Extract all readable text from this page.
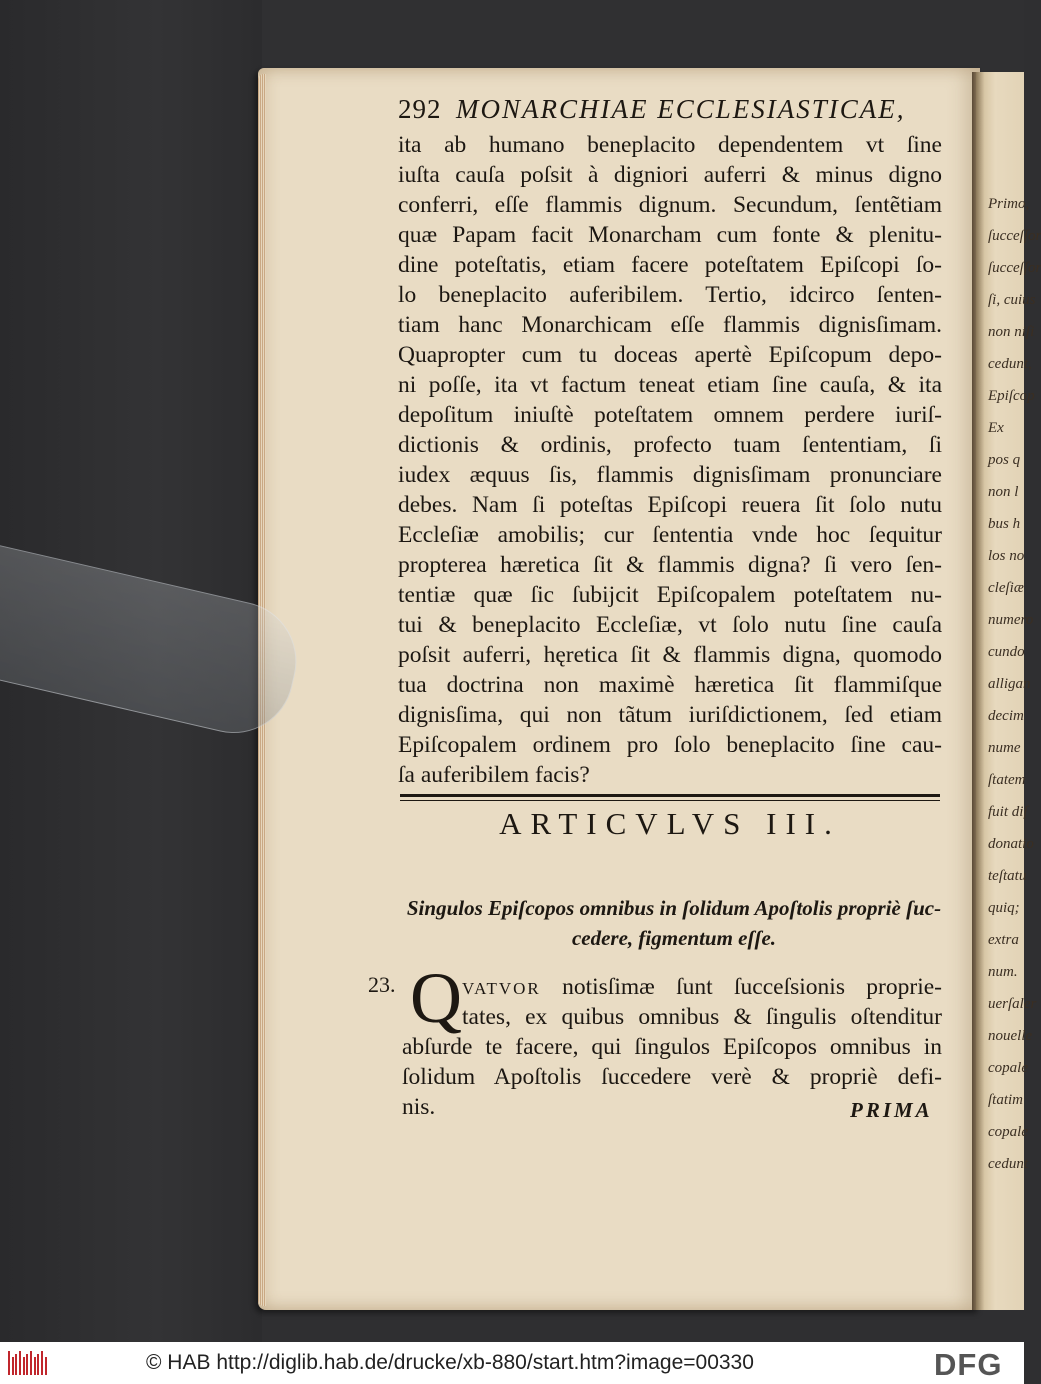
Primo,
ſucceſſor
ſucceſſor
ſi, cuius
non niſi
cedunt,
Epiſcop
Ex
pos q
non l
bus h
los no
cleſiæ
numero
cundo
alligan
decim
nume
ſtatem
fuit diſ
donatio
teſtatu
quiq;
extra
num.
uerſaler
nouelle
copale
ſtatim
copale
cedunt
292 MONARCHIAE ECCLESIASTICAE,
ita ab humano beneplacito dependentem vt ſine
iuſta cauſa poſsit à digniori auferri & minus digno
conferri, eſſe flammis dignum. Secundum, ſentẽtiam
quæ Papam facit Monarcham cum fonte & plenitu-
dine poteſtatis, etiam facere poteſtatem Epiſcopi ſo-
lo beneplacito auferibilem. Tertio, idcirco ſenten-
tiam hanc Monarchicam eſſe flammis dignisſimam.
Quapropter cum tu doceas apertè Epiſcopum depo-
ni poſſe, ita vt factum teneat etiam ſine cauſa, & ita
depoſitum iniuſtè poteſtatem omnem perdere iuriſ-
dictionis & ordinis, profecto tuam ſententiam, ſi
iudex æquus ſis, flammis dignisſimam pronunciare
debes. Nam ſi poteſtas Epiſcopi reuera ſit ſolo nutu
Eccleſiæ amobilis; cur ſententia vnde hoc ſequitur
propterea hæretica ſit & flammis digna? ſi vero ſen-
tentiæ quæ ſic ſubijcit Epiſcopalem poteſtatem nu-
tui & beneplacito Eccleſiæ, vt ſolo nutu ſine cauſa
poſsit auferri, hęretica ſit & flammis digna, quomodo
tua doctrina non maximè hæretica ſit flammiſque
dignisſima, qui non tãtum iuriſdictionem, ſed etiam
Epiſcopalem ordinem pro ſolo beneplacito ſine cau-
ſa auferibilem facis?
ARTICVLVS III.
Singulos Epiſcopos omnibus in ſolidum Apoſtolis propriè ſuc-
cedere, figmentum eſſe.
23. Q VATVOR notisſimæ ſunt ſucceſsionis proprie-
tates, ex quibus omnibus & ſingulis oſtenditur
abſurde te facere, qui ſingulos Epiſcopos omnibus in
ſolidum Apoſtolis ſuccedere verè & propriè defi-
nis.	PRIMA
© HAB http://diglib.hab.de/drucke/xb-880/start.htm?image=00330	DFG
